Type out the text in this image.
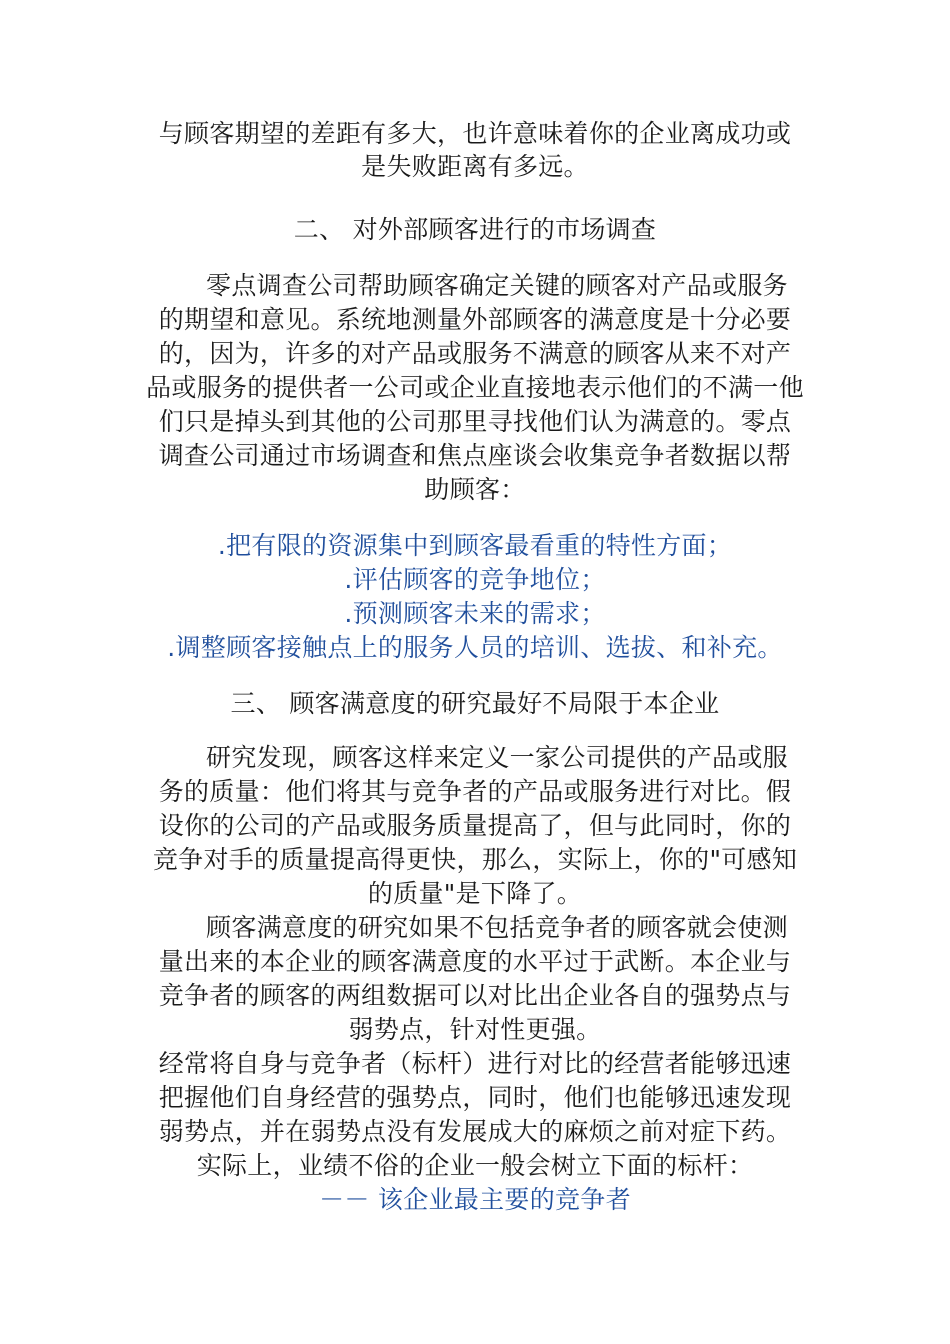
与顾客期望的差距有多大，也许意味着你的企业离成功或
是失败距离有多远。
二、 对外部顾客进行的市场调查
零点调查公司帮助顾客确定关键的顾客对产品或服务
的期望和意见。系统地测量外部顾客的满意度是十分必要
的，因为，许多的对产品或服务不满意的顾客从来不对产
品或服务的提供者一公司或企业直接地表示他们的不满一他
们只是掉头到其他的公司那里寻找他们认为满意的。零点
调查公司通过市场调查和焦点座谈会收集竞争者数据以帮
助顾客：
.把有限的资源集中到顾客最看重的特性方面；
.评估顾客的竞争地位；
.预测顾客未来的需求；
.调整顾客接触点上的服务人员的培训、选拔、和补充。
三、 顾客满意度的研究最好不局限于本企业
研究发现，顾客这样来定义一家公司提供的产品或服
务的质量：他们将其与竞争者的产品或服务进行对比。假
设你的公司的产品或服务质量提高了，但与此同时，你的
竞争对手的质量提高得更快，那么，实际上，你的"可感知
的质量"是下降了。
顾客满意度的研究如果不包括竞争者的顾客就会使测
量出来的本企业的顾客满意度的水平过于武断。本企业与
竞争者的顾客的两组数据可以对比出企业各自的强势点与
弱势点，针对性更强。
经常将自身与竞争者（标杆）进行对比的经营者能够迅速
把握他们自身经营的强势点，同时，他们也能够迅速发现
弱势点，并在弱势点没有发展成大的麻烦之前对症下药。
实际上，业绩不俗的企业一般会树立下面的标杆：
－－ 该企业最主要的竞争者
